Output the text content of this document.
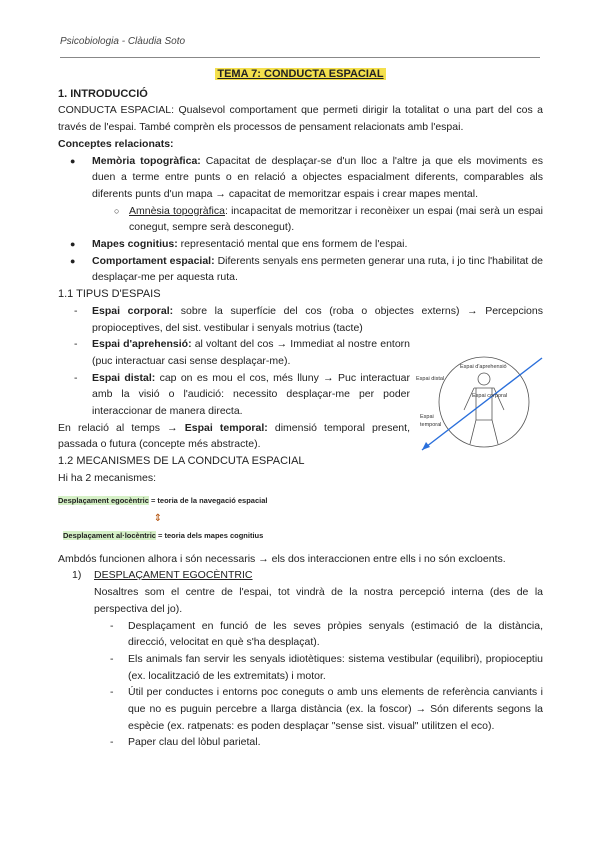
Psicobiologia - Clàudia Soto
TEMA 7: CONDUCTA ESPACIAL
1. INTRODUCCIÓ

CONDUCTA ESPACIAL: Qualsevol comportament que permeti dirigir la totalitat o una part del cos a través de l'espai. També comprèn els processos de pensament relacionats amb l'espai.

Conceptes relacionats:
● Memòria topogràfica: Capacitat de desplaçar-se d'un lloc a l'altre ja que els moviments es duen a terme entre punts o en relació a objectes espacialment diferents, comparables als diferents punts d'un mapa → capacitat de memoritzar espais i crear mapes mental.
○ Amnèsia topogràfica: incapacitat de memoritzar i reconèixer un espai (mai serà un espai conegut, sempre serà desconegut).
● Mapes cognitius: representació mental que ens formem de l'espai.
● Comportament espacial: Diferents senyals ens permeten generar una ruta, i jo tinc l'habilitat de desplaçar-me per aquesta ruta.
1.1 TIPUS D'ESPAIS
- Espai corporal: sobre la superfície del cos (roba o objectes externs) → Percepcions propioceptives, del sist. vestibular i senyals motrius (tacte)
- Espai d'aprehensió: al voltant del cos → Immediat al nostre entorn (puc interactuar casi sense desplaçar-me).
- Espai distal: cap on es mou el cos, més lluny → Puc interactuar amb la visió o l'audició: necessito desplaçar-me per poder interaccionar de manera directa.

En relació al temps → Espai temporal: dimensió temporal present, passada o futura (concepte més abstracte).

1.2 MECANISMES DE LA CONDCUTA ESPACIAL

Hi ha 2 mecanismes:

Desplaçament egocèntric = teoria de la navegació espacial
⇕
Desplaçament al·locèntric = teoria dels mapes cognitius

Ambdós funcionen alhora i són necessaris → els dos interaccionen entre ells i no són excloents.

1) DESPLAÇAMENT EGOCÈNTRIC

Nosaltres som el centre de l'espai, tot vindrà de la nostra percepció interna (des de la perspectiva del jo).

- Desplaçament en funció de les seves pròpies senyals (estimació de la distància, direcció, velocitat en què s'ha desplaçat).
- Els animals fan servir les senyals idiotètiques: sistema vestibular (equilibri), propioceptiu (ex. localització de les extremitats) i motor.
- Útil per conductes i entorns poc coneguts o amb uns elements de referència canviants i que no es puguin percebre a llarga distància (ex. la foscor) → Són diferents segons la espècie (ex. ratpenats: es poden desplaçar "sense sist. visual" utilitzen el eco).
- Paper clau del lòbul parietal.
Espai d'aprehensió
Espai corporal
Espai distal
Espai
temporal
